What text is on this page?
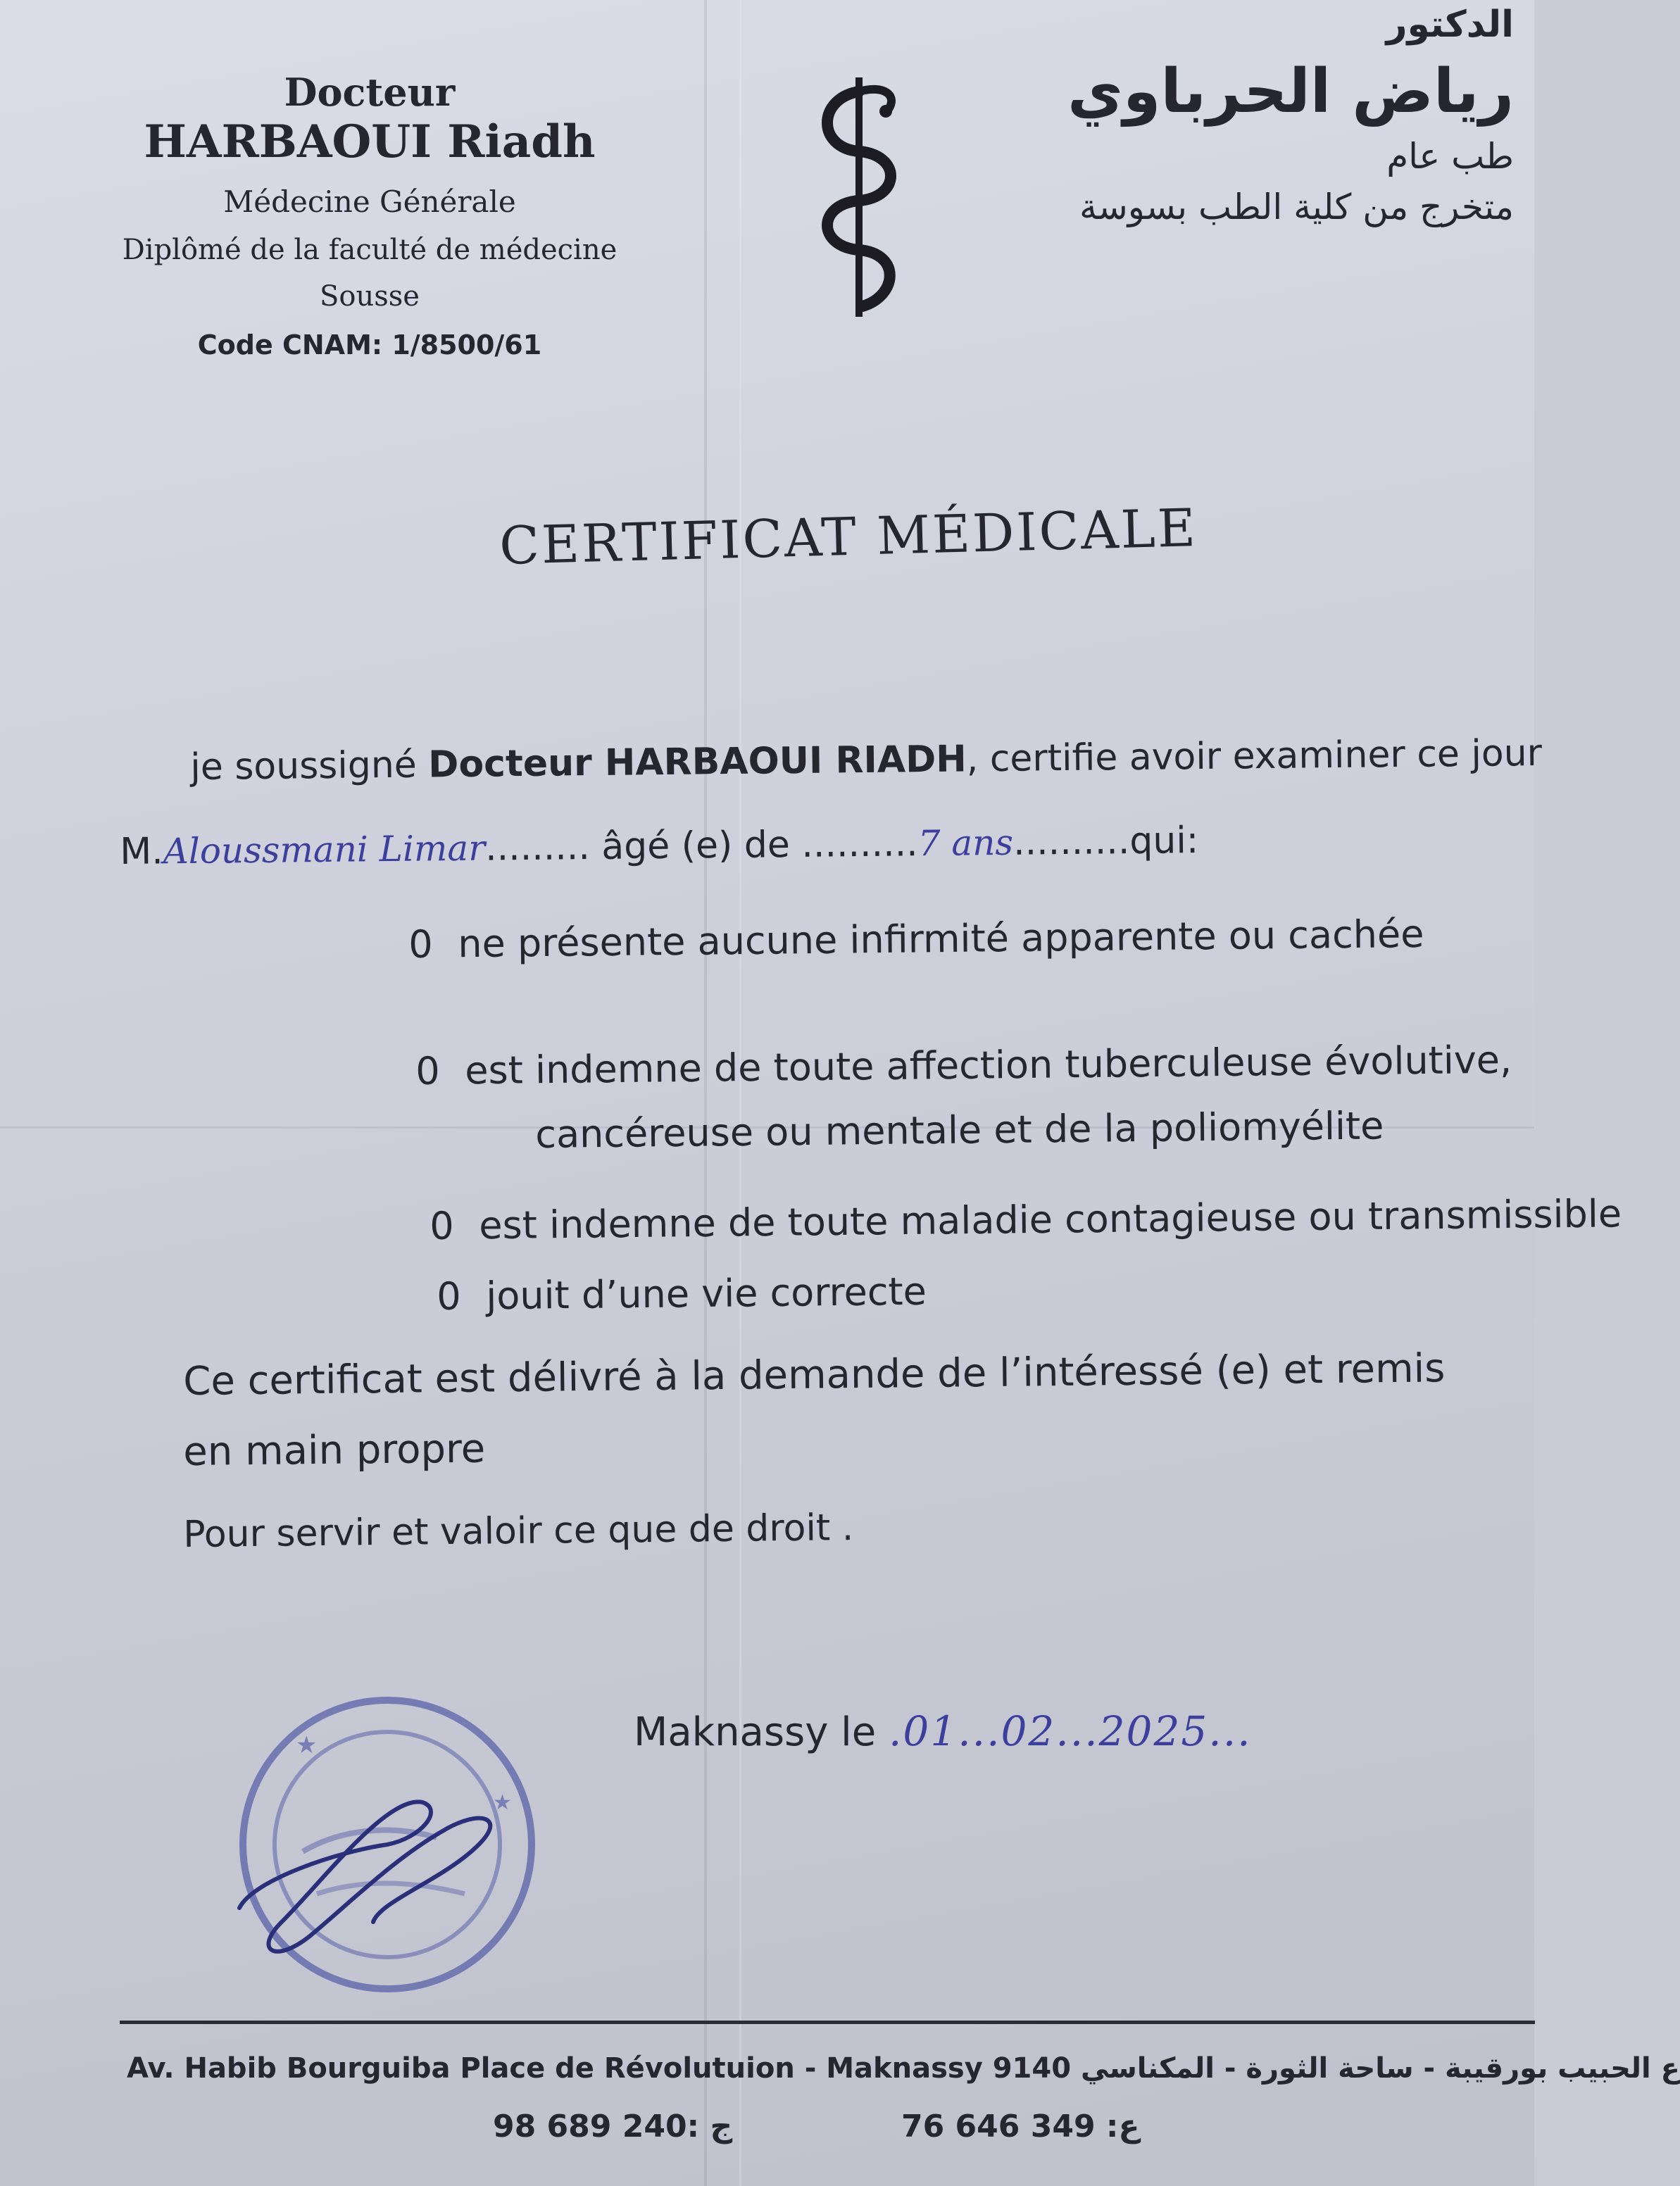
Docteur
HARBAOUI Riadh
Médecine Générale
Diplômé de la faculté de médecine Sousse
Code CNAM: 1/8500/61
الدكتور
رياض الحرباوي
طب عام
متخرج من كلية الطب بسوسة
CERTIFICAT MÉDICALE
je soussigné Docteur HARBAOUI RIADH, certifie avoir examiner ce jour
M.Aloussmani Limar......... âgé (e) de ..........7 ans..........qui:
0 ne présente aucune infirmité apparente ou cachée
0 est indemne de toute affection tuberculeuse évolutive,
cancéreuse ou mentale et de la poliomyélite
0 est indemne de toute maladie contagieuse ou transmissible
0 jouit d’une vie correcte
Ce certificat est délivré à la demande de l’intéressé (e) et remis
en main propre
Pour servir et valoir ce que de droit .
★
★
Maknassy le .01...02...2025...
Av. Habib Bourguiba Place de Révolutuion - Maknassy 9140 ع الحبيب بورقيبة - ساحة الثورة - المكناسي
98 689 240: ج	76 646 349 :ع
